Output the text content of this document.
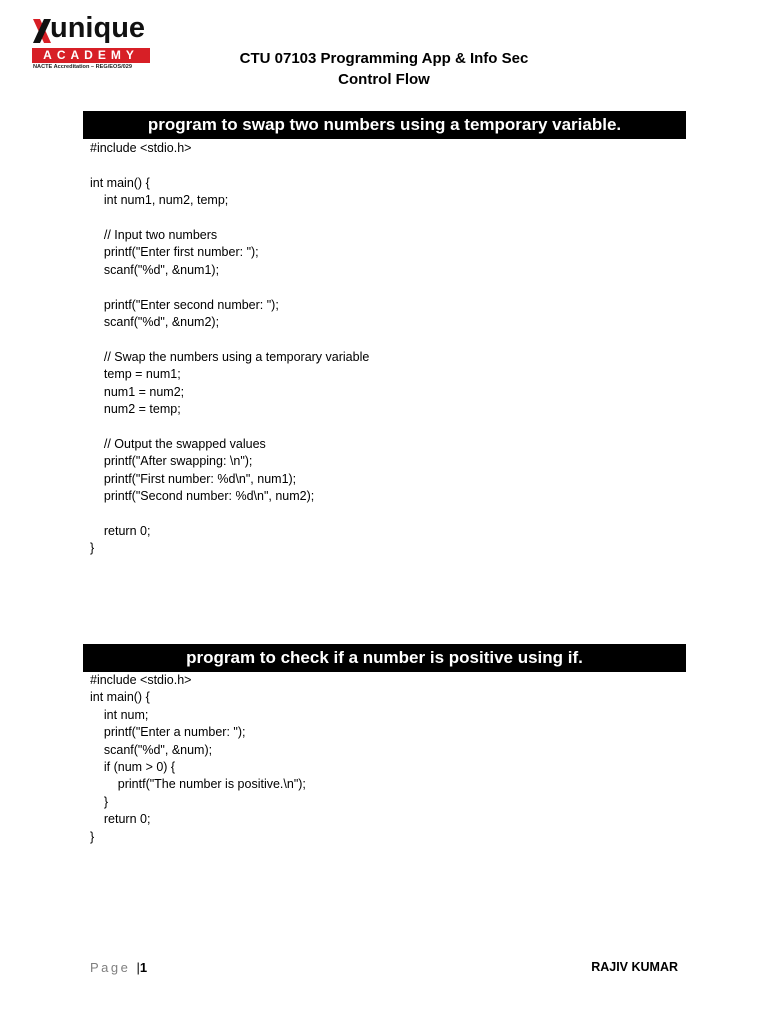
unique
ACADEMY
NACTE Accreditation – REG/EOS/029	CTU 07103 Programming App & Info Sec
Control Flow
program to swap two numbers using a temporary variable.
#include <stdio.h>

int main() {
int num1, num2, temp;

// Input two numbers
printf("Enter first number: ");
scanf("%d", &num1);

printf("Enter second number: ");
scanf("%d", &num2);

// Swap the numbers using a temporary variable
temp = num1;
num1 = num2;
num2 = temp;

// Output the swapped values
printf("After swapping: \n");
printf("First number: %d\n", num1);
printf("Second number: %d\n", num2);

return 0;
}
program to check if a number is positive using if.
#include <stdio.h>
int main() {
int num;
printf("Enter a number: ");
scanf("%d", &num);
if (num > 0) {
printf("The number is positive.\n");
}
return 0;
}
Page |1	RAJIV KUMAR
